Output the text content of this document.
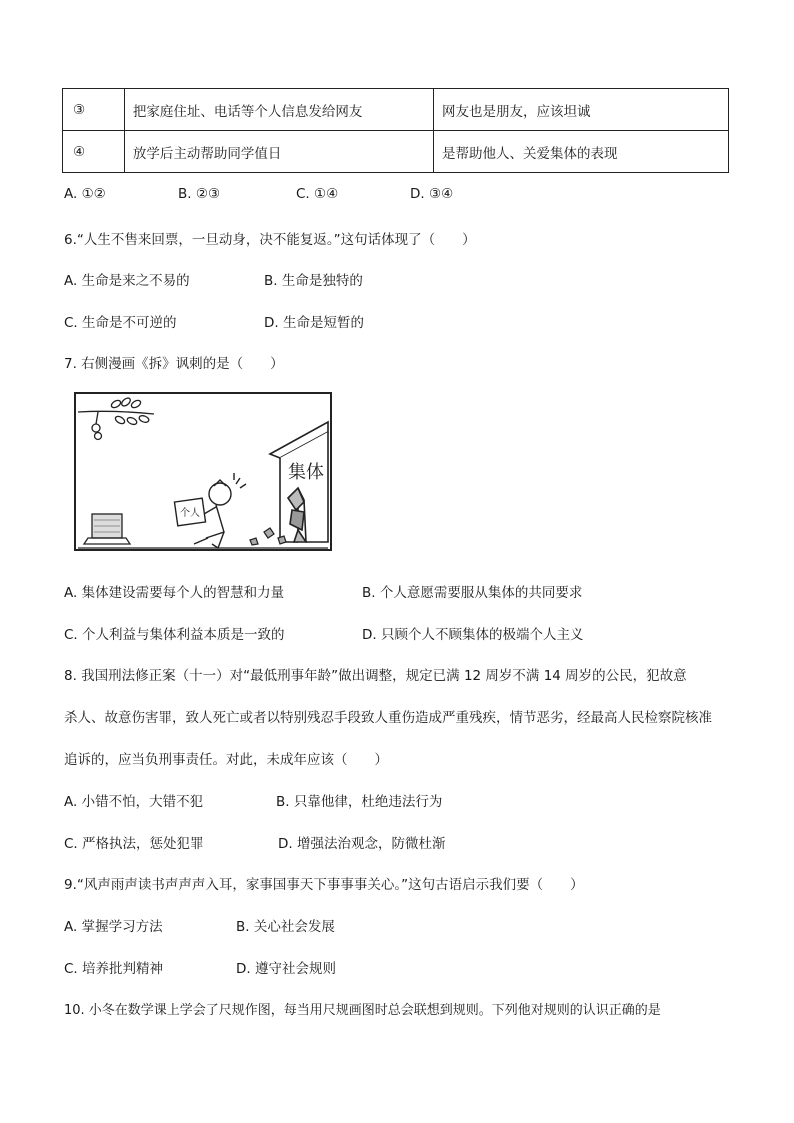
③	把家庭住址、电话等个人信息发给网友	网友也是朋友，应该坦诚
④	放学后主动帮助同学值日	是帮助他人、关爱集体的表现
A. ①②	B. ②③	C. ①④	D. ③④
6.“人生不售来回票，一旦动身，决不能复返。”这句话体现了（　　）
A. 生命是来之不易的	B. 生命是独特的
C. 生命是不可逆的	D. 生命是短暂的
7. 右侧漫画《拆》讽刺的是（　　）
个人
集体
A. 集体建设需要每个人的智慧和力量	B. 个人意愿需要服从集体的共同要求
C. 个人利益与集体利益本质是一致的	D. 只顾个人不顾集体的极端个人主义
8. 我国刑法修正案（十一）对“最低刑事年龄”做出调整，规定已满 12 周岁不满 14 周岁的公民，犯故意
杀人、故意伤害罪，致人死亡或者以特别残忍手段致人重伤造成严重残疾，情节恶劣，经最高人民检察院核准
追诉的，应当负刑事责任。对此，未成年应该（　　）
A. 小错不怕，大错不犯	B. 只靠他律，杜绝违法行为
C. 严格执法，惩处犯罪	D. 增强法治观念，防微杜渐
9.“风声雨声读书声声声入耳，家事国事天下事事事关心。”这句古语启示我们要（　　）
A. 掌握学习方法	B. 关心社会发展
C. 培养批判精神	D. 遵守社会规则
10. 小冬在数学课上学会了尺规作图，每当用尺规画图时总会联想到规则。下列他对规则的认识正确的是
